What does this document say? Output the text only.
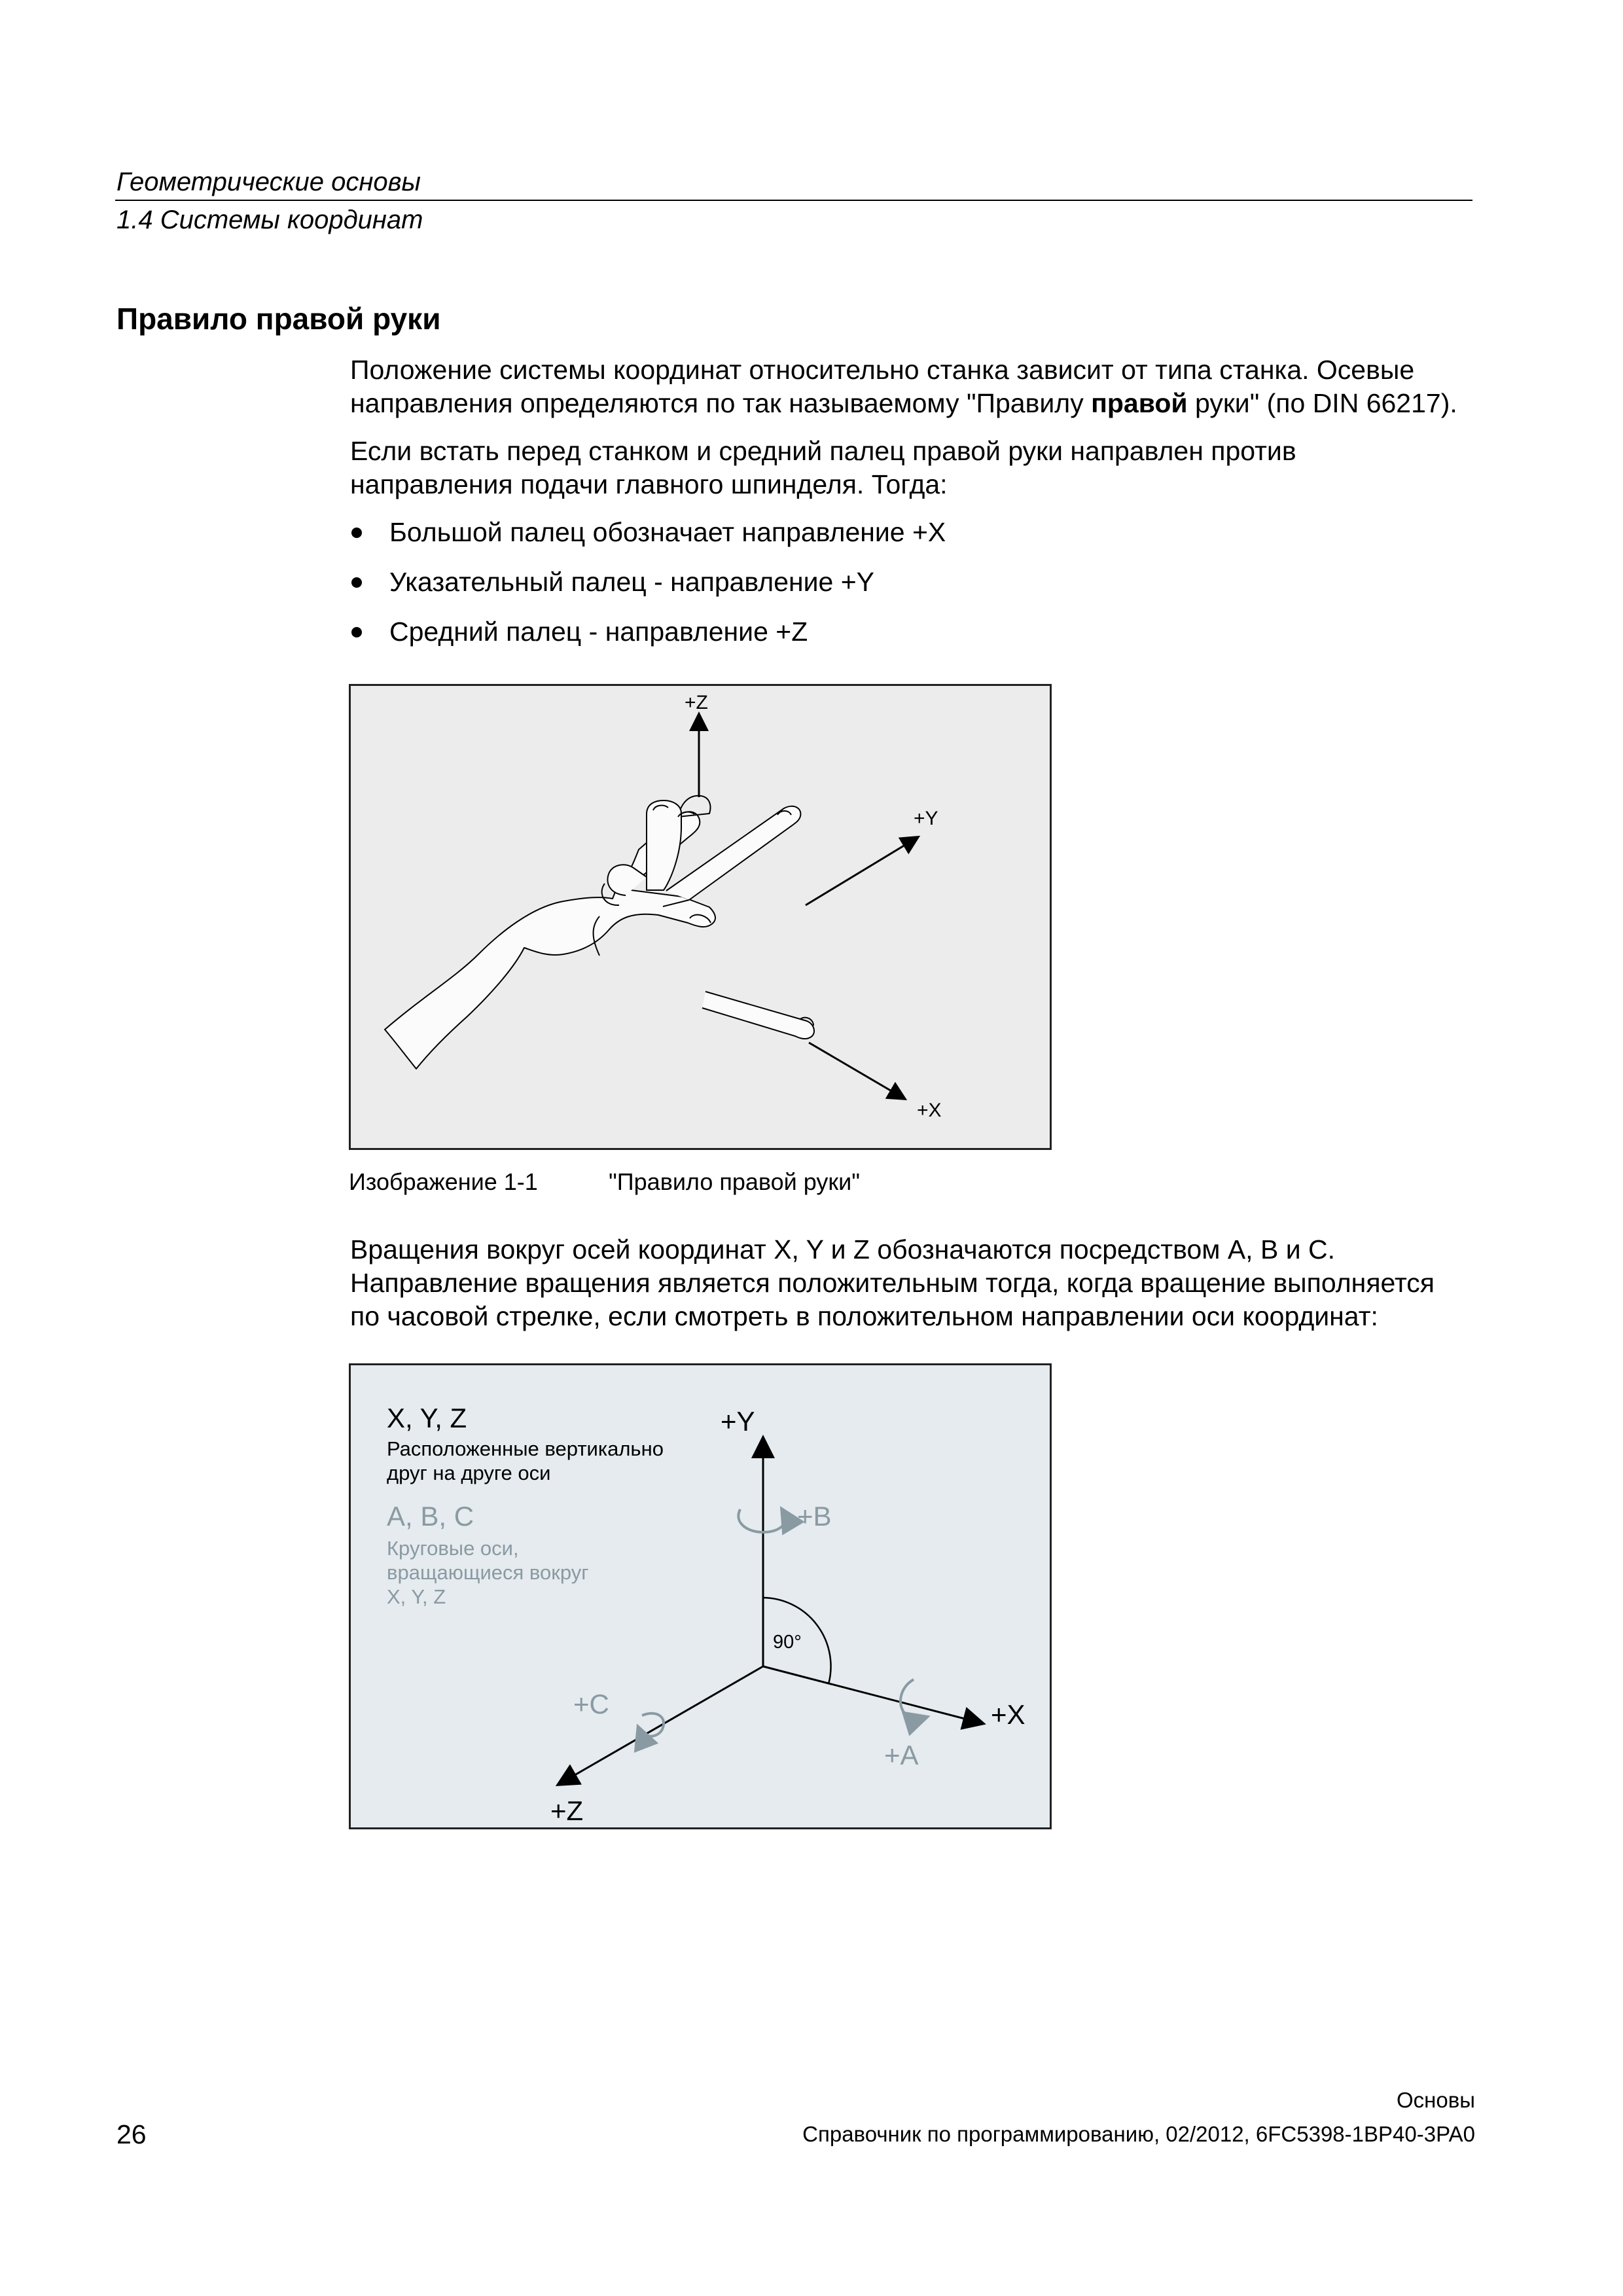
Геометрические основы
1.4 Системы координат
Правило правой руки
Положение системы координат относительно станка зависит от типа станка. Осевые
направления определяются по так называемому "Правилу правой руки" (по DIN 66217).
Если встать перед станком и средний палец правой руки направлен против
направления подачи главного шпинделя. Тогда:
Большой палец обозначает направление +X
Указательный палец - направление +Y
Средний палец - направление +Z
+Z
+Y
+X
Изображение 1-1	"Правило правой руки"
Вращения вокруг осей координат X, Y и Z обозначаются посредством A, B и C.
Направление вращения является положительным тогда, когда вращение выполняется
по часовой стрелке, если смотреть в положительном направлении оси координат:
X, Y, Z
Расположенные вертикально
друг на друге оси
A, B, C
Круговые оси,
вращающиеся вокруг
X, Y, Z
90°
+Y
+X
+Z
+B
+A
+C
Основы
26	Справочник по программированию, 02/2012, 6FC5398-1BP40-3PA0
